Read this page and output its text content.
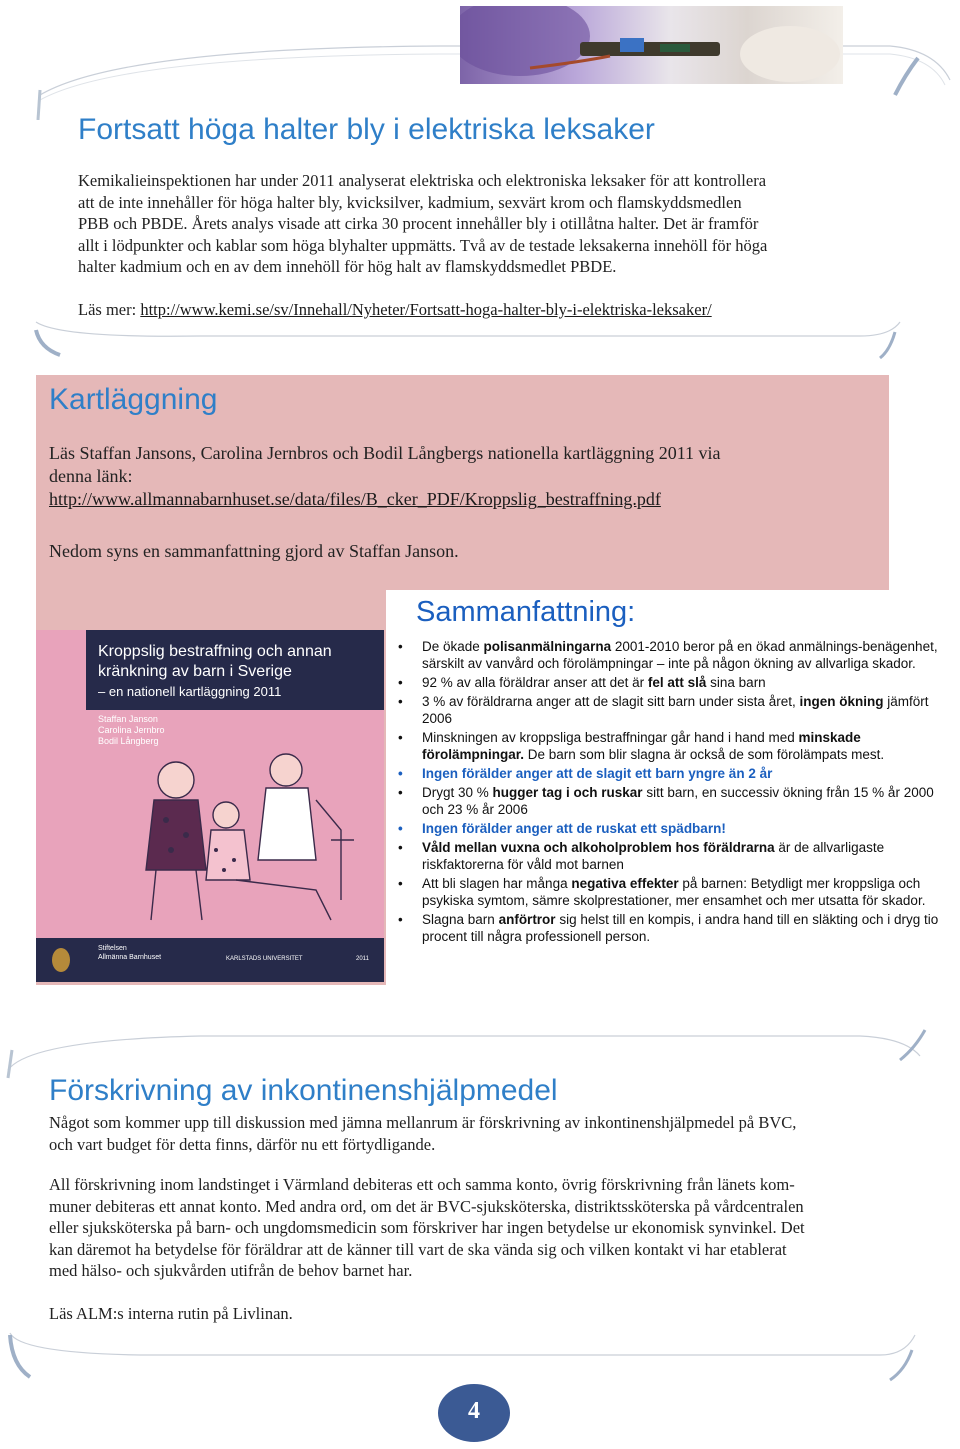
Fortsatt höga halter bly i elektriska leksaker
Kemikalieinspektionen har under 2011 analyserat elektriska och elektroniska leksaker för att kontrollera
att de inte innehåller för höga halter bly, kvicksilver, kadmium, sexvärt krom och flamskyddsmedlen
PBB och PBDE. Årets analys visade att cirka 30 procent innehåller bly i otillåtna halter. Det är framför
allt i lödpunkter och kablar som höga blyhalter uppmätts. Två av de testade leksakerna innehöll för höga
halter kadmium och en av dem innehöll för hög halt av flamskyddsmedlet PBDE.
Läs mer: http://www.kemi.se/sv/Innehall/Nyheter/Fortsatt-hoga-halter-bly-i-elektriska-leksaker/
Kartläggning
Läs Staffan Jansons, Carolina Jernbros och Bodil Långbergs nationella kartläggning 2011 via
denna länk:
http://www.allmannabarnhuset.se/data/files/B_cker_PDF/Kroppslig_bestraffning.pdf
Nedom syns en sammanfattning gjord av Staffan Janson.
Kroppslig bestraffning och annan
kränkning av barn i Sverige
– en nationell kartläggning 2011
Staffan Janson
Carolina Jernbro
Bodil Långberg
Stiftelsen
Allmänna Barnhuset	KARLSTADS UNIVERSITET	2011
Sammanfattning:
• De ökade polisanmälningarna 2001-2010 beror på en ökad anmälnings-benägenhet, särskilt av vanvård och förolämpningar – inte på någon ökning av allvarliga skador.
• 92 % av alla föräldrar anser att det är fel att slå sina barn
• 3 % av föräldrarna anger att de slagit sitt barn under sista året, ingen ökning jämfört 2006
• Minskningen av kroppsliga bestraffningar går hand i hand med minskade förolämpningar. De barn som blir slagna är också de som förolämpats mest.
• Ingen förälder anger att de slagit ett barn yngre än 2 år
• Drygt 30 % hugger tag i och ruskar sitt barn, en successiv ökning från 15 % år 2000 och 23 % år 2006
• Ingen förälder anger att de ruskat ett spädbarn!
• Våld mellan vuxna och alkoholproblem hos föräldrarna är de allvarligaste riskfaktorerna för våld mot barnen
• Att bli slagen har många negativa effekter på barnen: Betydligt mer kroppsliga och psykiska symtom, sämre skolprestationer, mer ensamhet och mer utsatta för skador.
• Slagna barn anförtror sig helst till en kompis, i andra hand till en släkting och i dryg tio procent till några professionell person.
Förskrivning av inkontinenshjälpmedel
Något som kommer upp till diskussion med jämna mellanrum är förskrivning av inkontinenshjälpmedel på BVC,
och vart budget för detta finns, därför nu ett förtydligande.
All förskrivning inom landstinget i Värmland debiteras ett och samma konto, övrig förskrivning från länets kom-
muner debiteras ett annat konto. Med andra ord, om det är BVC-sjuksköterska, distriktssköterska på vårdcentralen
eller sjuksköterska på barn- och ungdomsmedicin som förskriver har ingen betydelse ur ekonomisk synvinkel. Det
kan däremot ha betydelse för föräldrar att de känner till vart de ska vända sig och vilken kontakt vi har etablerat
med hälso- och sjukvården utifrån de behov barnet har.
Läs ALM:s interna rutin på Livlinan.
4
